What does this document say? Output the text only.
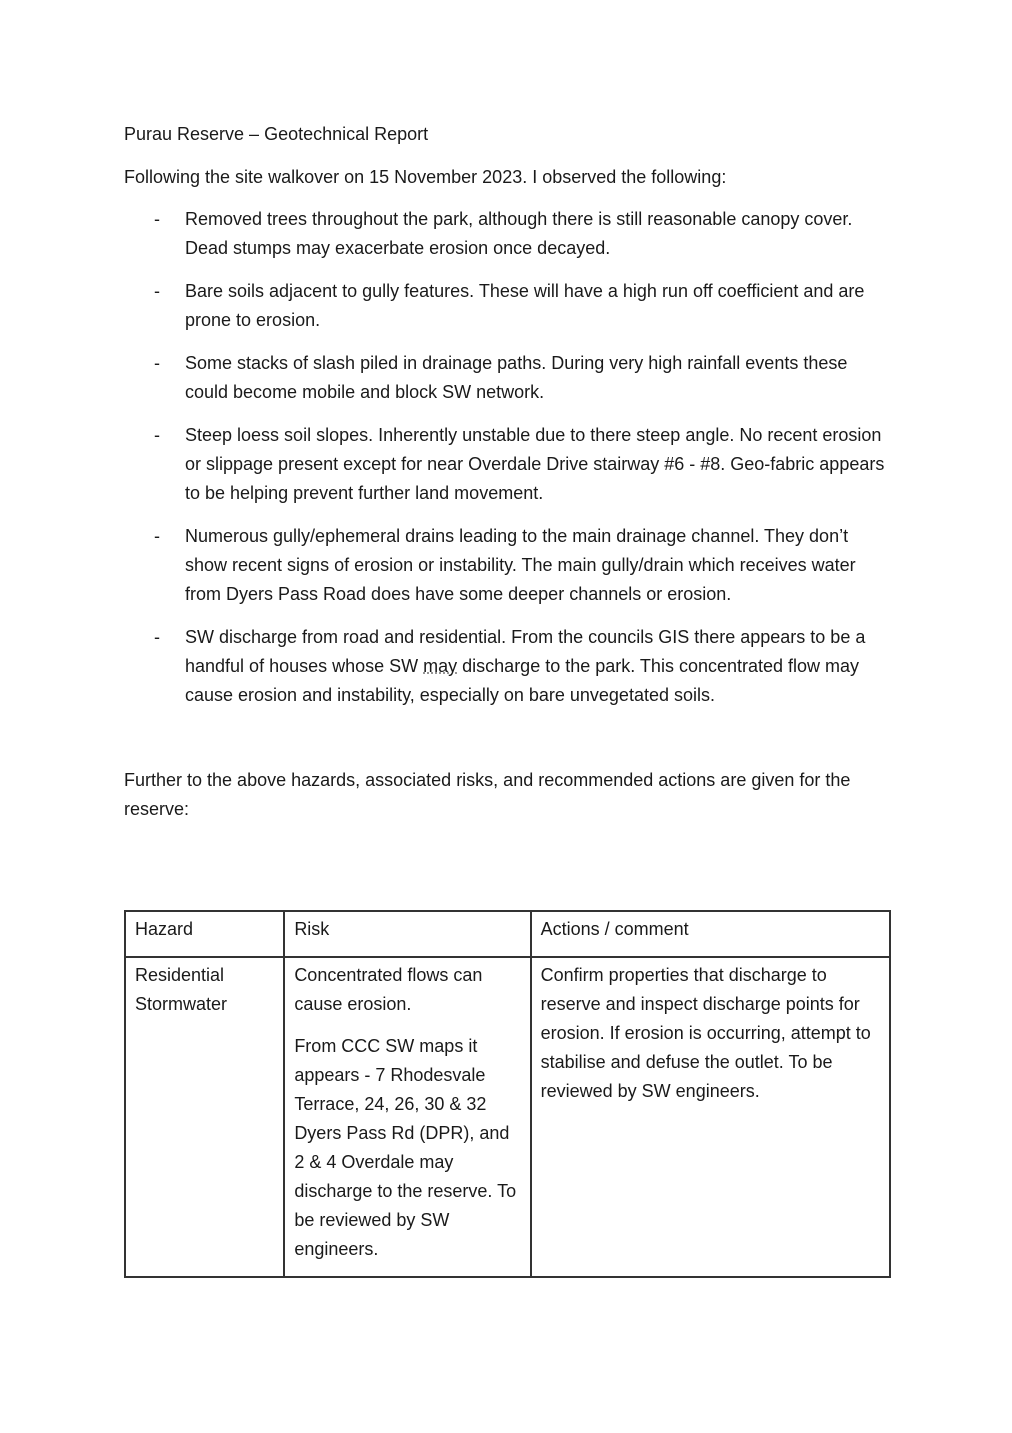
Purau Reserve – Geotechnical Report

Following the site walkover on 15 November 2023. I observed the following:

- Removed trees throughout the park, although there is still reasonable canopy cover. Dead stumps may exacerbate erosion once decayed.
- Bare soils adjacent to gully features. These will have a high run off coefficient and are prone to erosion.
- Some stacks of slash piled in drainage paths. During very high rainfall events these could become mobile and block SW network.
- Steep loess soil slopes. Inherently unstable due to there steep angle. No recent erosion or slippage present except for near Overdale Drive stairway #6 - #8. Geo-fabric appears to be helping prevent further land movement.
- Numerous gully/ephemeral drains leading to the main drainage channel. They don’t show recent signs of erosion or instability. The main gully/drain which receives water from Dyers Pass Road does have some deeper channels or erosion.
- SW discharge from road and residential. From the councils GIS there appears to be a handful of houses whose SW may discharge to the park. This concentrated flow may cause erosion and instability, especially on bare unvegetated soils.

Further to the above hazards, associated risks, and recommended actions are given for the reserve:

Hazard	Risk	Actions / comment
Residential Stormwater	Concentrated flows can cause erosion.

From CCC SW maps it appears - 7 Rhodesvale Terrace, 24, 26, 30 & 32 Dyers Pass Rd (DPR), and 2 & 4 Overdale may discharge to the reserve. To be reviewed by SW engineers.	Confirm properties that discharge to reserve and inspect discharge points for erosion. If erosion is occurring, attempt to stabilise and defuse the outlet. To be reviewed by SW engineers.
